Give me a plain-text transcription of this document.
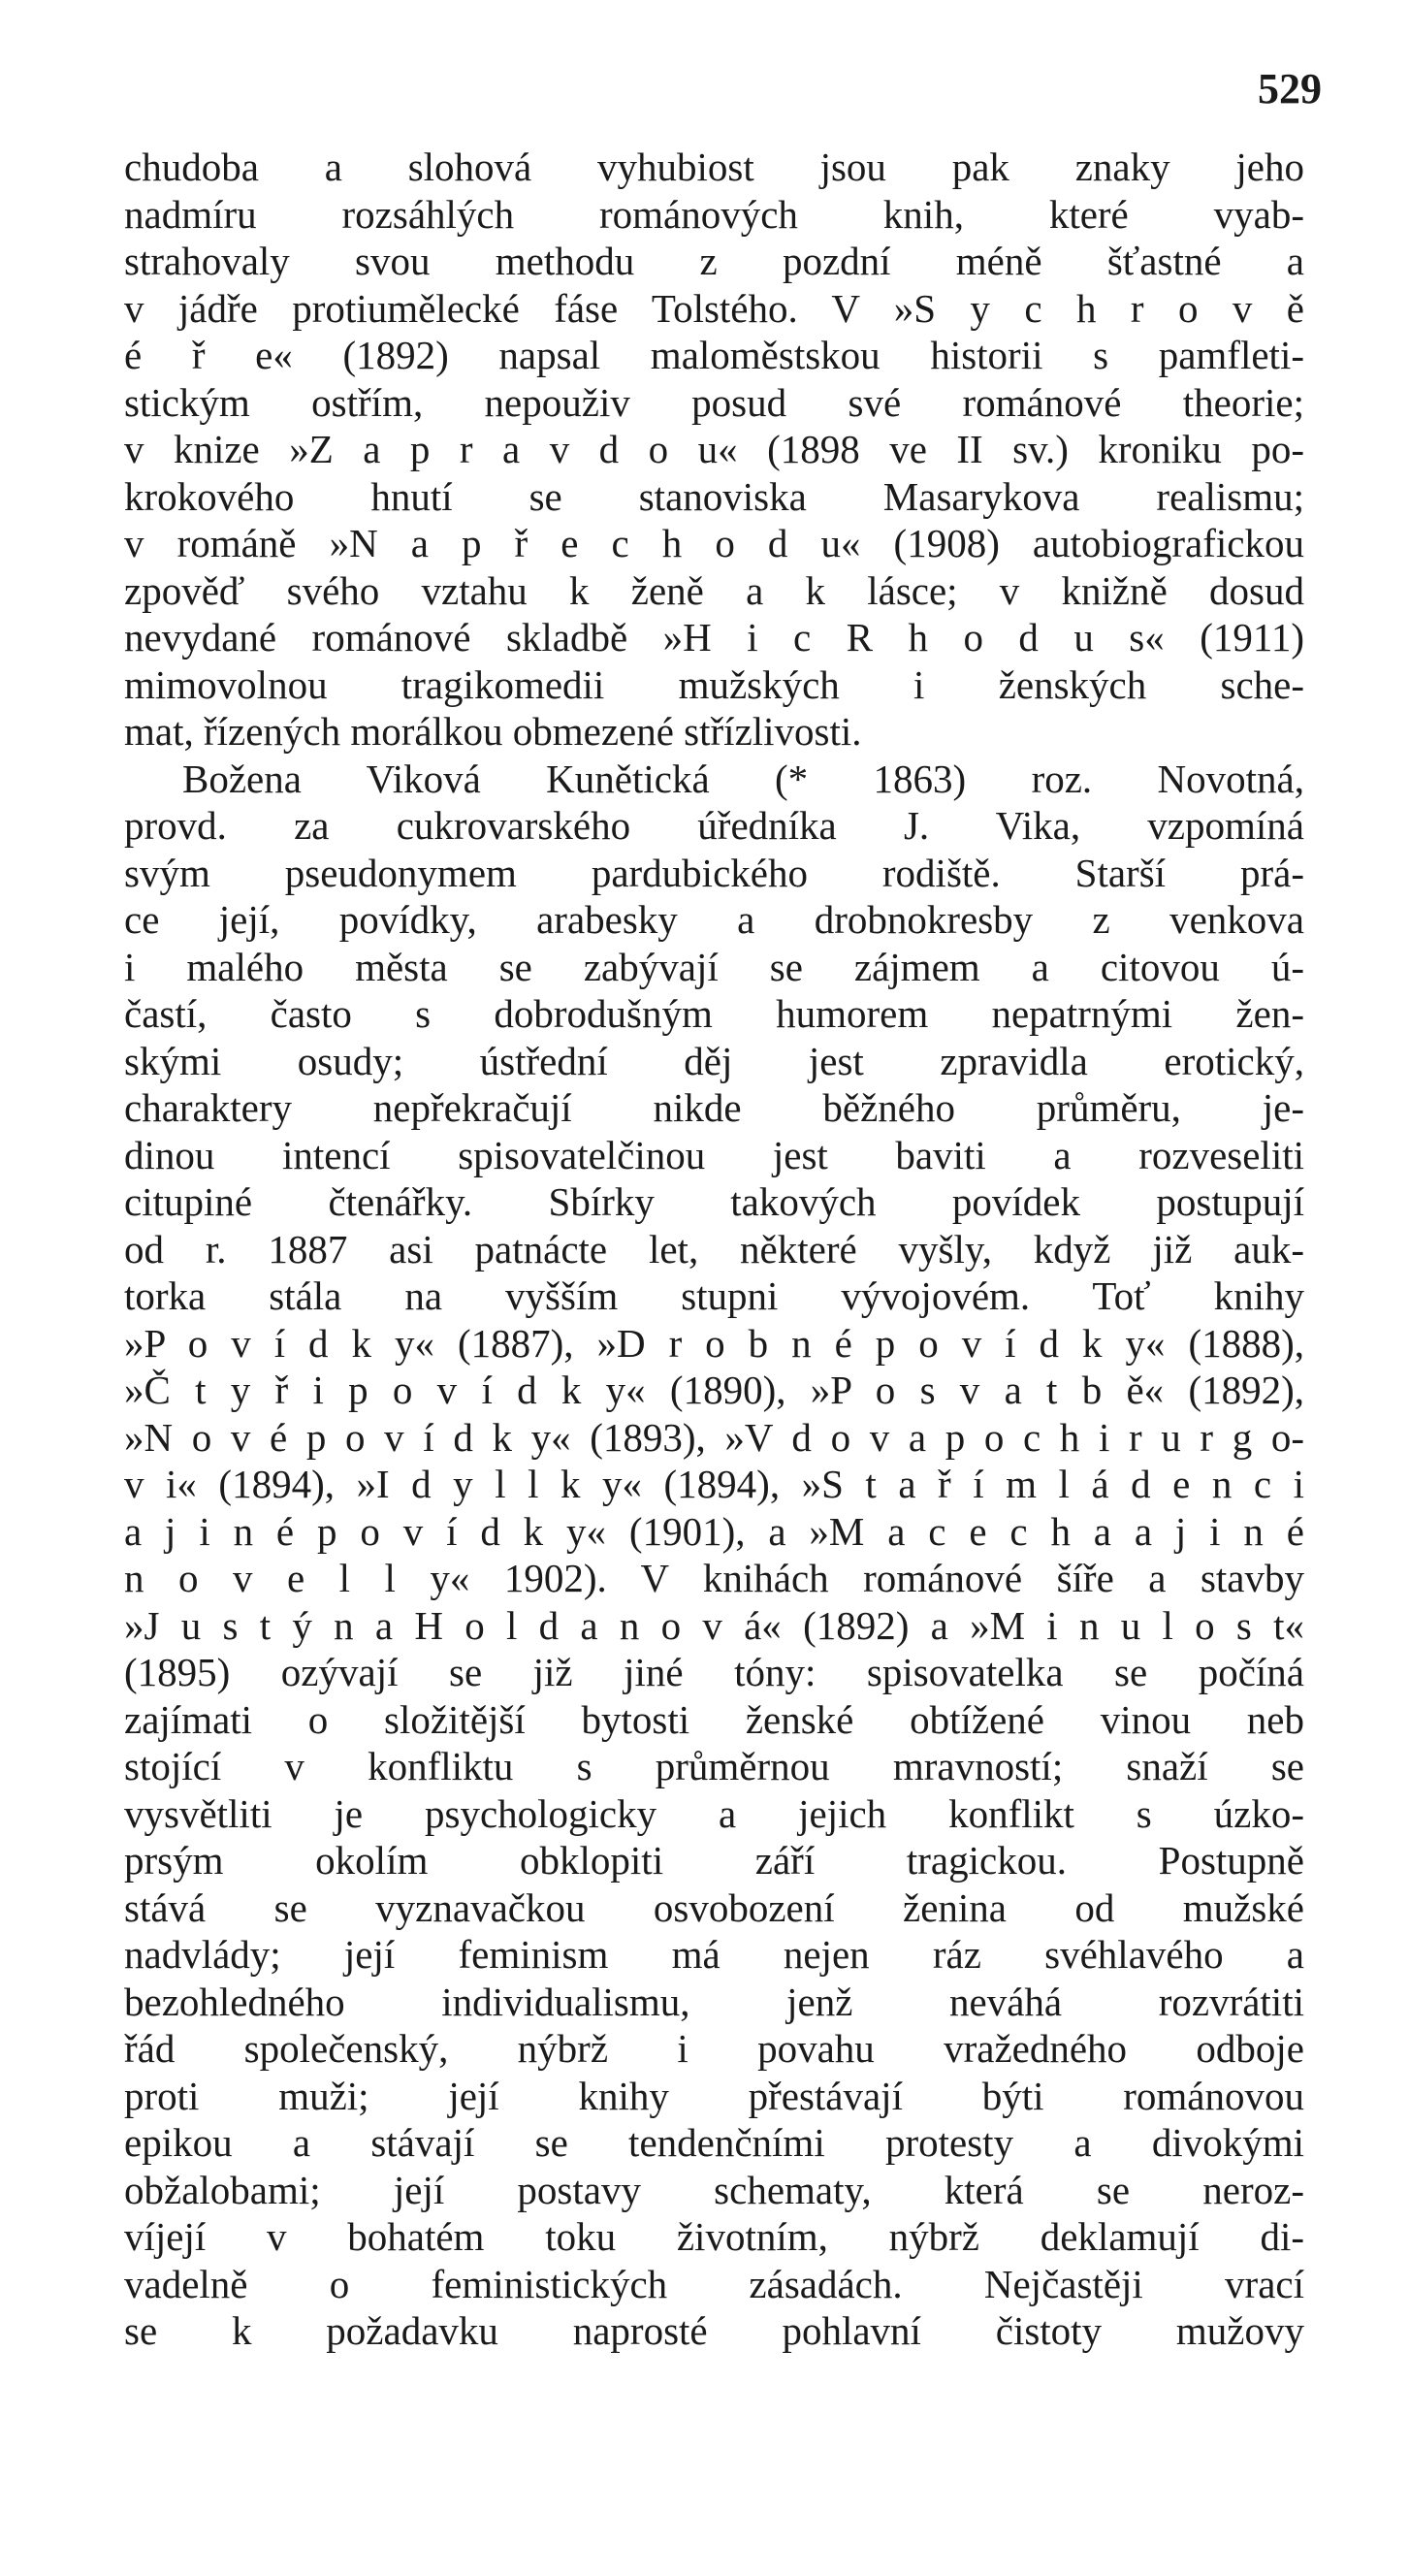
529
chudoba a slohová vyhubiost jsou pak znaky jeho
nadmíru rozsáhlých románových knih, které vyab-
strahovaly svou methodu z pozdní méně šťastné a
v jádře protiumělecké fáse Tolstého. V »S y c h r o v ě
é ř e« (1892) napsal maloměstskou historii s pamfleti-
stickým ostřím, nepouživ posud své románové theorie;
v knize »Z a p r a v d o u« (1898 ve II sv.) kroniku po-
krokového hnutí se stanoviska Masarykova realismu;
v románě »N a p ř e c h o d u« (1908) autobiografickou
zpověď svého vztahu k ženě a k lásce; v knižně dosud
nevydané románové skladbě »H i c R h o d u s« (1911)
mimovolnou tragikomedii mužských i ženských sche-
mat, řízených morálkou obmezené střízlivosti.
Božena Viková Kunětická (* 1863) roz. Novotná,
provd. za cukrovarského úředníka J. Vika, vzpomíná
svým pseudonymem pardubického rodiště. Starší prá-
ce její, povídky, arabesky a drobnokresby z venkova
i malého města se zabývají se zájmem a citovou ú-
častí, často s dobrodušným humorem nepatrnými žen-
skými osudy; ústřední děj jest zpravidla erotický,
charaktery nepřekračují nikde běžného průměru, je-
dinou intencí spisovatelčinou jest baviti a rozveseliti
citupiné čtenářky. Sbírky takových povídek postupují
od r. 1887 asi patnácte let, některé vyšly, když již auk-
torka stála na vyšším stupni vývojovém. Toť knihy
»P o v í d k y« (1887), »D r o b n é p o v í d k y« (1888),
»Č t y ř i p o v í d k y« (1890), »P o s v a t b ě« (1892),
»N o v é p o v í d k y« (1893), »V d o v a p o c h i r u r g o-
v i« (1894), »I d y l l k y« (1894), »S t a ř í m l á d e n c i
a j i n é p o v í d k y« (1901), a »M a c e c h a a j i n é
n o v e l l y« 1902). V knihách románové šíře a stavby
»J u s t ý n a H o l d a n o v á« (1892) a »M i n u l o s t«
(1895) ozývají se již jiné tóny: spisovatelka se počíná
zajímati o složitější bytosti ženské obtížené vinou neb
stojící v konfliktu s průměrnou mravností; snaží se
vysvětliti je psychologicky a jejich konflikt s úzko-
prsým okolím obklopiti září tragickou. Postupně
stává se vyznavačkou osvobození ženina od mužské
nadvlády; její feminism má nejen ráz svéhlavého a
bezohledného individualismu, jenž neváhá rozvrátiti
řád společenský, nýbrž i povahu vražedného odboje
proti muži; její knihy přestávají býti románovou
epikou a stávají se tendenčními protesty a divokými
obžalobami; její postavy schematy, která se neroz-
víjejí v bohatém toku životním, nýbrž deklamují di-
vadelně o feministických zásadách. Nejčastěji vrací
se k požadavku naprosté pohlavní čistoty mužovy
